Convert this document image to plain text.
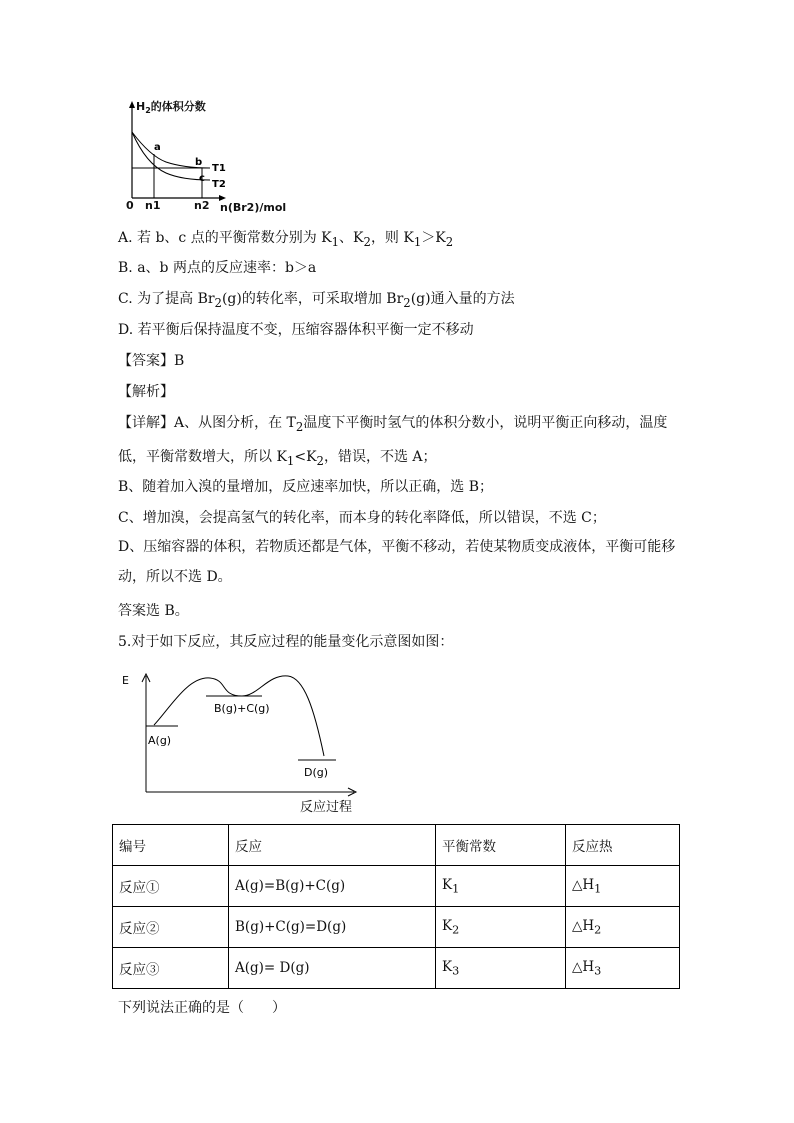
a
b
c
T1
T2
$H_2$的体积分数
0 n1	n2 n(Br2)/mol
A. 若 b、c 点的平衡常数分别为 $K_1$、$K_2$，则 $K_1>K_2$
B. a、b 两点的反应速率：b＞a
C. 为了提高 $Br_2(g)$的转化率，可采取增加 $Br_2(g)$通入量的方法
D. 若平衡后保持温度不变，压缩容器体积平衡一定不移动
【答案】B
【解析】
【详解】A、从图分析，在 $T_2$温度下平衡时氢气的体积分数小，说明平衡正向移动，温度低，平衡常数增大，所以 $K_1<K_2$，错误，不选 A；
B、随着加入溴的量增加，反应速率加快，所以正确，选 B；
C、增加溴，会提高氢气的转化率，而本身的转化率降低，所以错误，不选 C；
D、压缩容器的体积，若物质还都是气体，平衡不移动，若使某物质变成液体，平衡可能移动，所以不选 D。
答案选 B。
5.对于如下反应，其反应过程的能量变化示意图如图：
E
A(g)
B(g)+C(g)
D(g)
反应过程
编号	反应	平衡常数	反应热
反应①	A(g)=B(g)+C(g)	$K_1$	$\triangle H_1$
反应②	B(g)+C(g)=D(g)	$K_2$	$\triangle H_2$
反应③	A(g)= D(g)	$K_3$	$\triangle H_3$
下列说法正确的是（　　）
